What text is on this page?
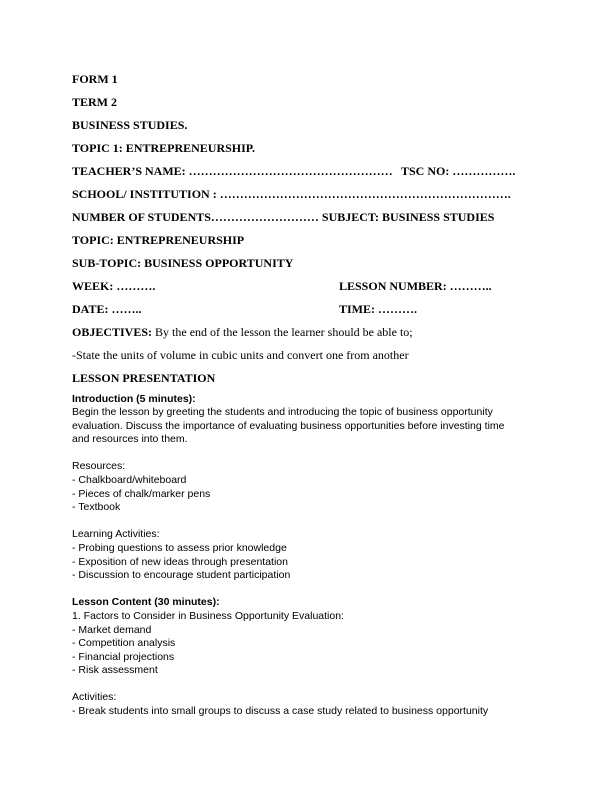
FORM 1
TERM 2
BUSINESS STUDIES.
TOPIC 1: ENTREPRENEURSHIP.
TEACHER’S NAME: …………………………………………… TSC NO: …………….
SCHOOL/ INSTITUTION : ……………………………………………………………….
NUMBER OF STUDENTS……………………… SUBJECT: BUSINESS STUDIES
TOPIC: ENTREPRENEURSHIP
SUB-TOPIC: BUSINESS OPPORTUNITY
WEEK: ……….	LESSON NUMBER: ………..
DATE: ……..	TIME: ……….
OBJECTIVES: By the end of the lesson the learner should be able to;
-State the units of volume in cubic units and convert one from another
LESSON PRESENTATION
Introduction (5 minutes):
Begin the lesson by greeting the students and introducing the topic of business opportunity
evaluation. Discuss the importance of evaluating business opportunities before investing time
and resources into them.
Resources:
- Chalkboard/whiteboard
- Pieces of chalk/marker pens
- Textbook
Learning Activities:
- Probing questions to assess prior knowledge
- Exposition of new ideas through presentation
- Discussion to encourage student participation
Lesson Content (30 minutes):
1. Factors to Consider in Business Opportunity Evaluation:
- Market demand
- Competition analysis
- Financial projections
- Risk assessment
Activities:
- Break students into small groups to discuss a case study related to business opportunity
